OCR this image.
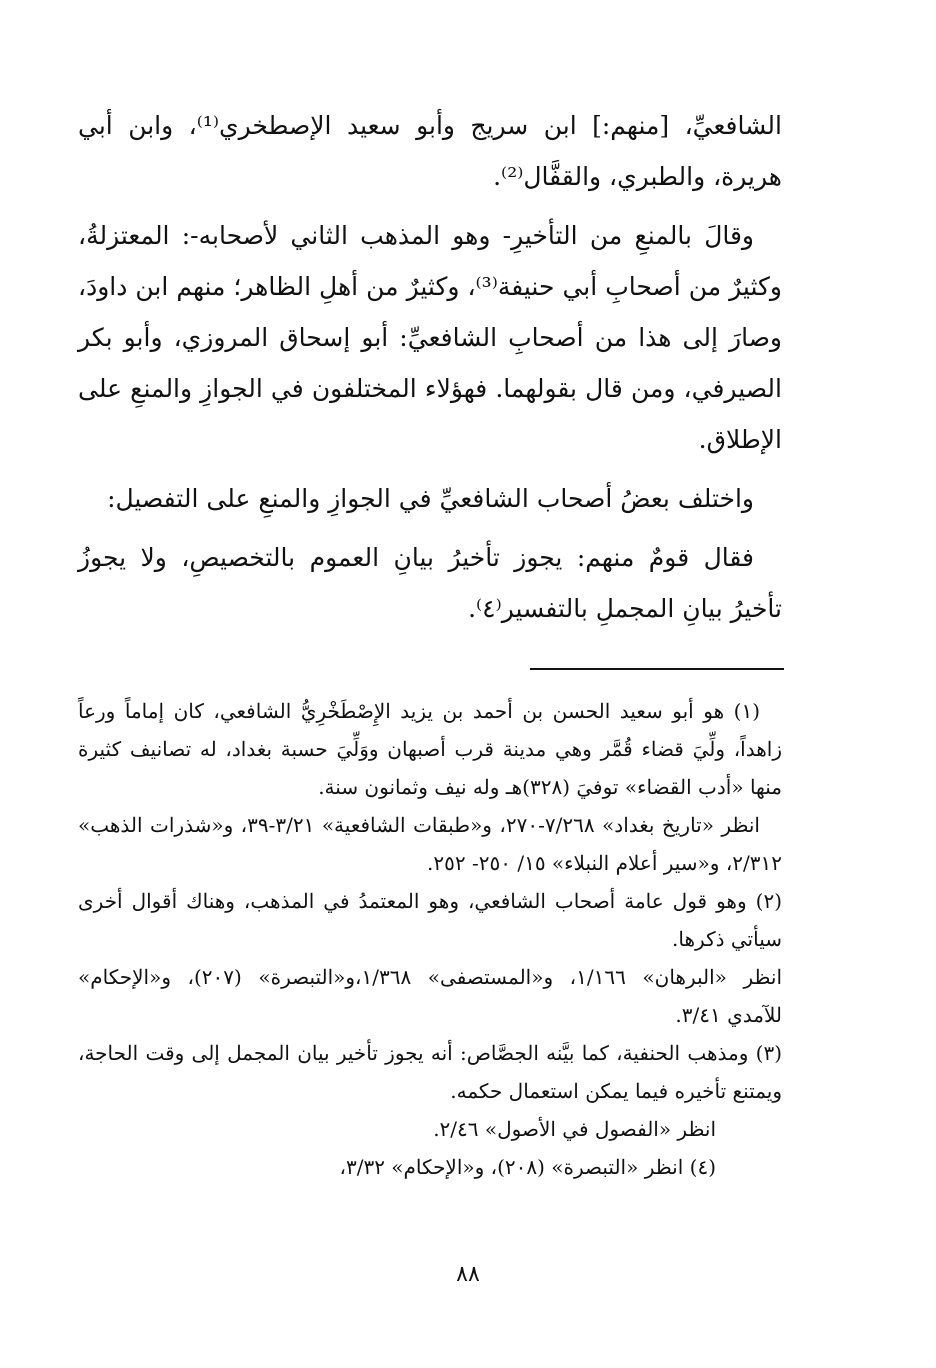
الشافعيِّ، [منهم:] ابن سريج وأبو سعيد الإصطخري⁽¹⁾، وابن أبي هريرة، والطبري، والقفَّال⁽²⁾.

وقالَ بالمنعِ من التأخيرِ- وهو المذهب الثاني لأصحابه-: المعتزلةُ، وكثيرٌ من أصحابِ أبي حنيفة⁽³⁾، وكثيرٌ من أهلِ الظاهر؛ منهم ابن داودَ، وصارَ إلى هذا من أصحابِ الشافعيِّ: أبو إسحاق المروزي، وأبو بكر الصيرفي، ومن قال بقولهما. فهؤلاء المختلفون في الجوازِ والمنعِ على الإطلاق.

واختلف بعضُ أصحاب الشافعيِّ في الجوازِ والمنعِ على التفصيل:

فقال قومٌ منهم: يجوز تأخيرُ بيانِ العموم بالتخصيصِ، ولا يجوزُ تأخيرُ بيانِ المجملِ بالتفسير⁽٤⁾.

(١) هو أبو سعيد الحسن بن أحمد بن يزيد الإِصْطَخْرِيُّ الشافعي، كان إماماً ورعاً زاهداً، ولِّيَ قضاء قُمَّر وهي مدينة قرب أصبهان ووَلِّيَ حسبة بغداد، له تصانيف كثيرة منها «أدب القضاء» توفيَ (٣٢٨)هـ وله نيف وثمانون سنة.

انظر «تاريخ بغداد» ٧/٢٦٨-٢٧٠، و«طبقات الشافعية» ٣/٢١-٣٩، و«شذرات الذهب» ٢/٣١٢، و«سير أعلام النبلاء» ١٥/ ٢٥٠- ٢٥٢.

(٢) وهو قول عامة أصحاب الشافعي، وهو المعتمدُ في المذهب، وهناك أقوال أخرى سيأتي ذكرها.

انظر «البرهان» ١/١٦٦، و«المستصفى» ١/٣٦٨،و«التبصرة» (٢٠٧)، و«الإحكام» للآمدي ٣/٤١.

(٣) ومذهب الحنفية، كما بيَّنه الجصَّاص: أنه يجوز تأخير بيان المجمل إلى وقت الحاجة، ويمتنع تأخيره فيما يمكن استعمال حكمه.

انظر «الفصول في الأصول» ٢/٤٦.

(٤) انظر «التبصرة» (٢٠٨)، و«الإحكام» ٣/٣٢،

٨٨
